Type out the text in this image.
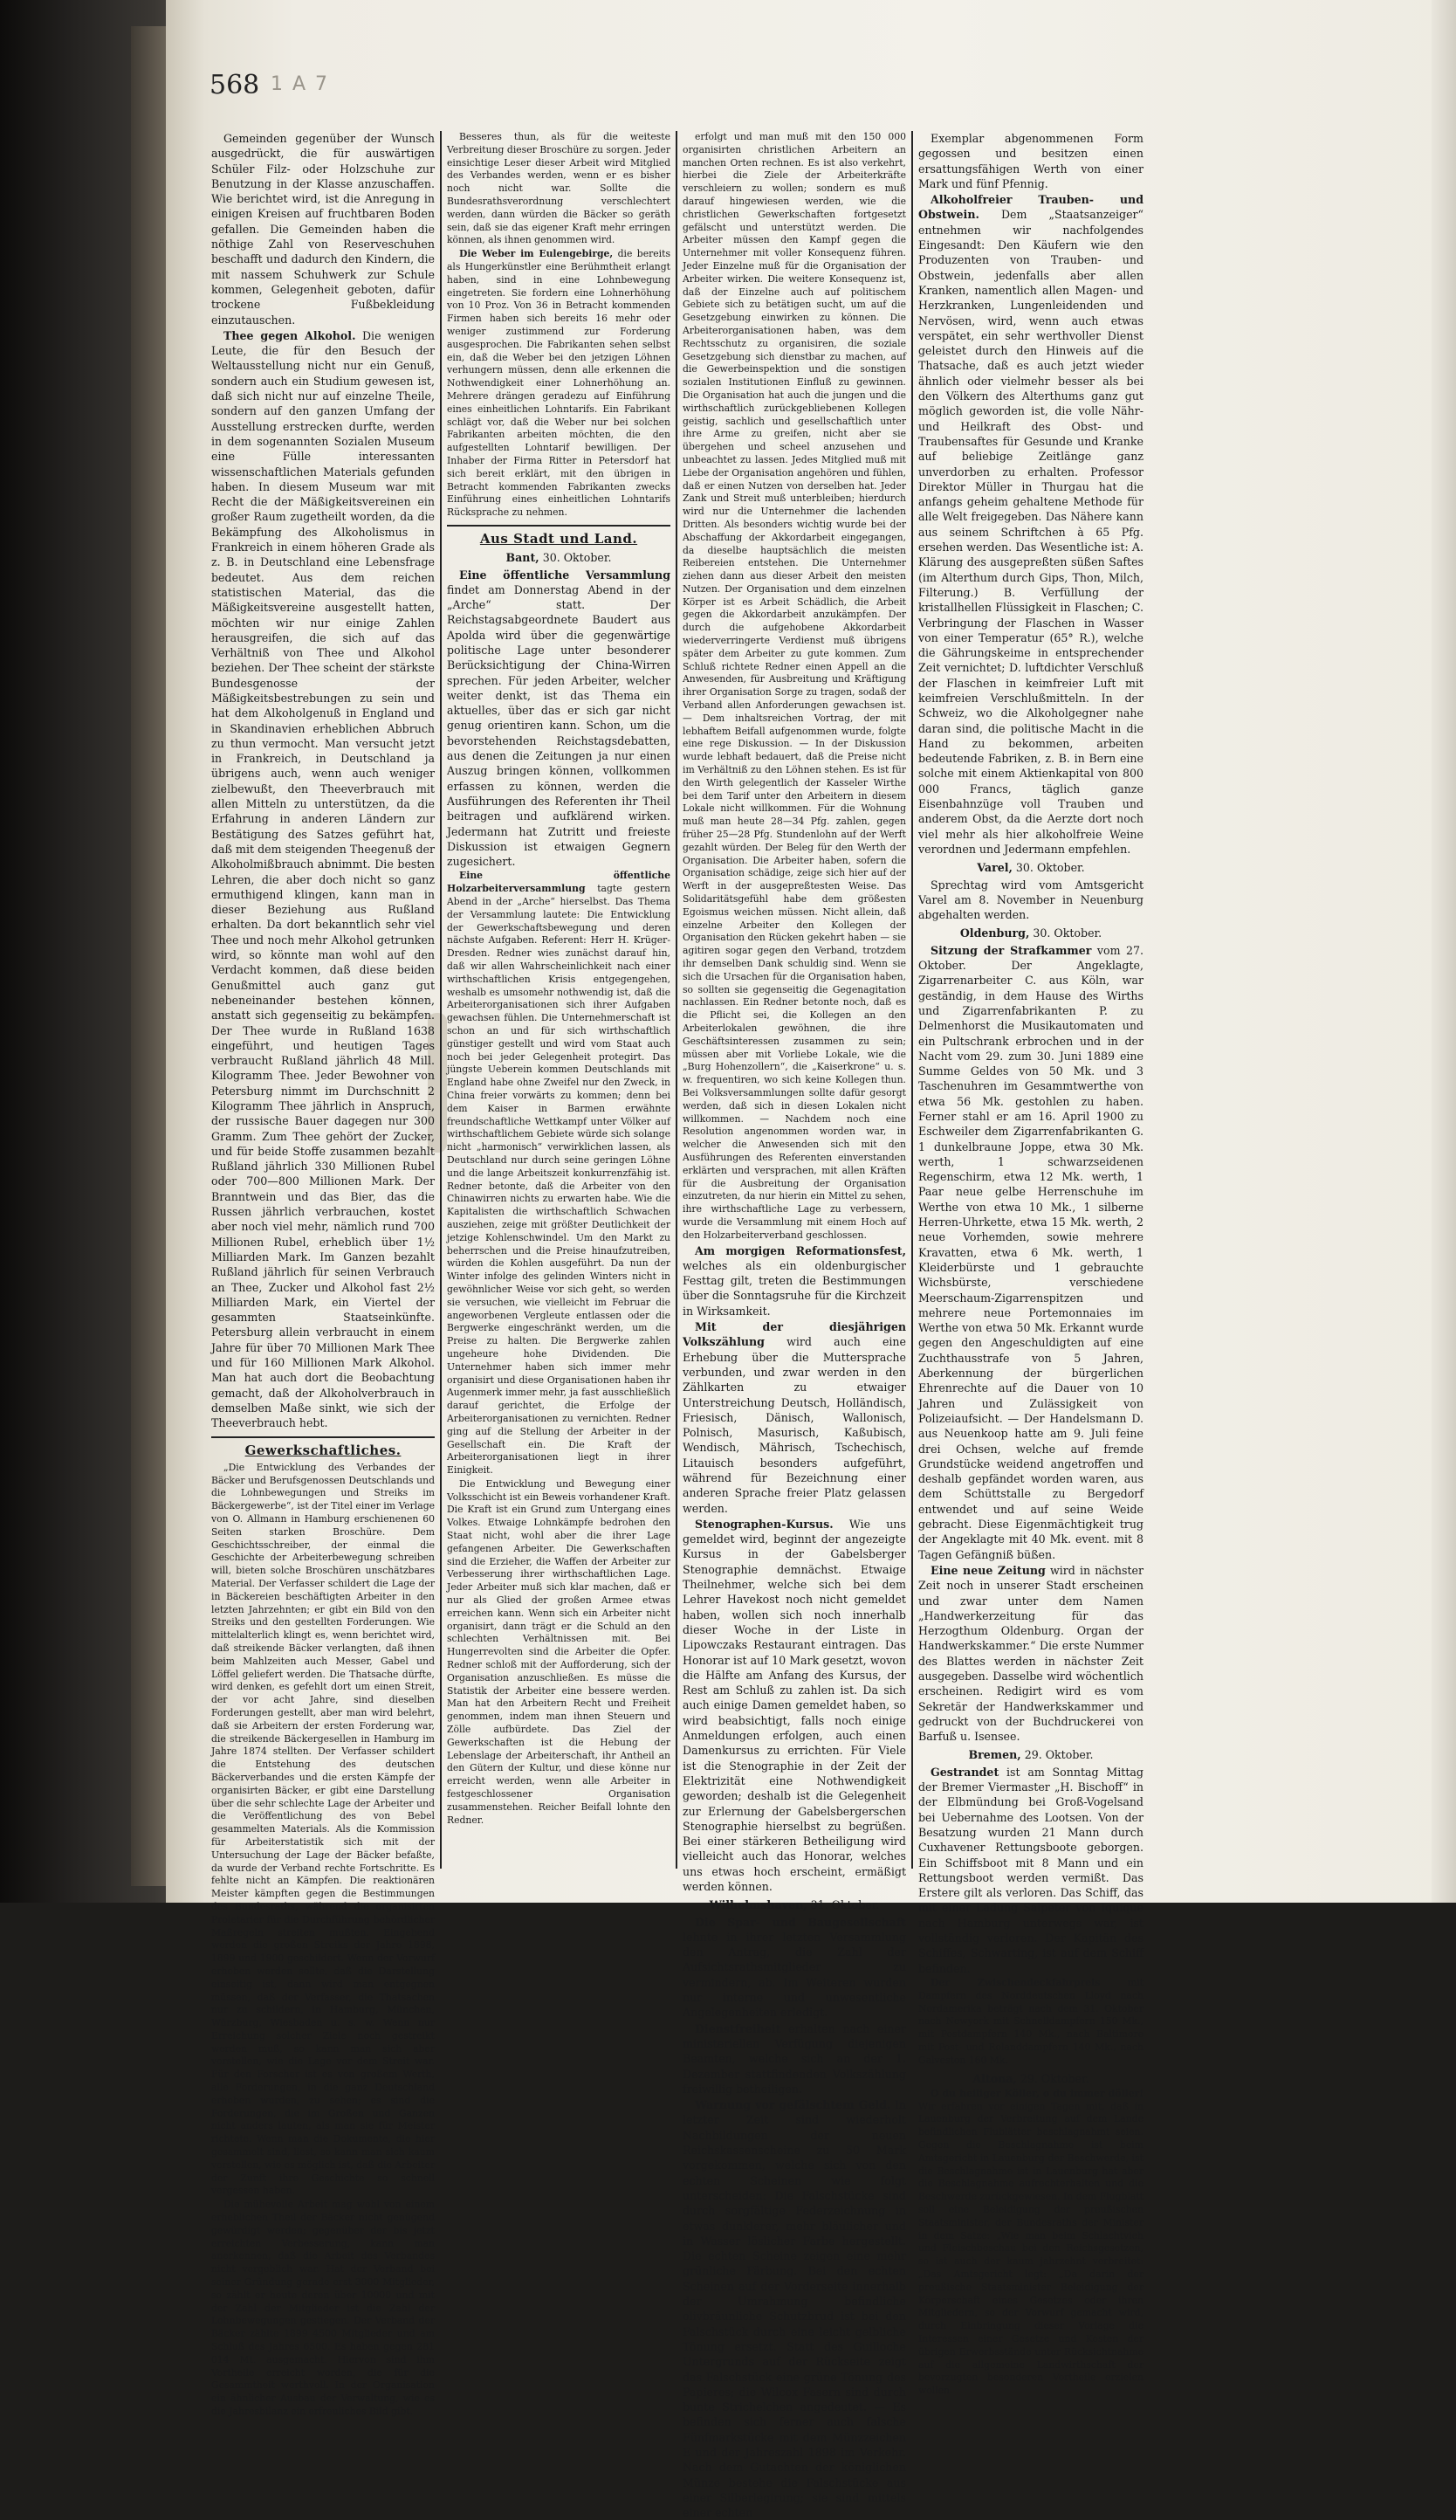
568 1 A 7

Gemeinden gegenüber der Wunsch ausgedrückt, die für auswärtigen Schüler Filz- oder Holzschuhe zur Benutzung in der Klasse anzuschaffen. Wie berichtet wird, ist die Anregung in einigen Kreisen auf fruchtbaren Boden gefallen. Die Gemeinden haben die nöthige Zahl von Reserveschuhen beschafft und dadurch den Kindern, die mit nassem Schuhwerk zur Schule kommen, Gelegenheit geboten, dafür trockene Fußbekleidung einzutauschen.

Thee gegen Alkohol. Die wenigen Leute, die für den Besuch der Weltausstellung nicht nur ein Genuß, sondern auch ein Studium gewesen ist, daß sich nicht nur auf einzelne Theile, sondern auf den ganzen Umfang der Ausstellung erstrecken durfte, werden in dem sogenannten Sozialen Museum eine Fülle interessanten wissenschaftlichen Materials gefunden haben. In diesem Museum war mit Recht die der Mäßigkeitsvereinen ein großer Raum zugetheilt worden, da die Bekämpfung des Alkoholismus in Frankreich in einem höheren Grade als z. B. in Deutschland eine Lebensfrage bedeutet. Aus dem reichen statistischen Material, das die Mäßigkeitsvereine ausgestellt hatten, möchten wir nur einige Zahlen herausgreifen, die sich auf das Verhältniß von Thee und Alkohol beziehen. Der Thee scheint der stärkste Bundesgenosse der Mäßigkeitsbestrebungen zu sein und hat dem Alkoholgenuß in England und in Skandinavien erheblichen Abbruch zu thun vermocht. Man versucht jetzt in Frankreich, in Deutschland ja übrigens auch, wenn auch weniger zielbewußt, den Theeverbrauch mit allen Mitteln zu unterstützen, da die Erfahrung in anderen Ländern zur Bestätigung des Satzes geführt hat, daß mit dem steigenden Theegenuß der Alkoholmißbrauch abnimmt. Die besten Lehren, die aber doch nicht so ganz ermuthigend klingen, kann man in dieser Beziehung aus Rußland erhalten. Da dort bekanntlich sehr viel Thee und noch mehr Alkohol getrunken wird, so könnte man wohl auf den Verdacht kommen, daß diese beiden Genußmittel auch ganz gut nebeneinander bestehen können, anstatt sich gegenseitig zu bekämpfen. Der Thee wurde in Rußland 1638 eingeführt, und heutigen Tages verbraucht Rußland jährlich 48 Mill. Kilogramm Thee. Jeder Bewohner von Petersburg nimmt im Durchschnitt 2 Kilogramm Thee jährlich in Anspruch, der russische Bauer dagegen nur 300 Gramm. Zum Thee gehört der Zucker, und für beide Stoffe zusammen bezahlt Rußland jährlich 330 Millionen Rubel oder 700—800 Millionen Mark. Der Branntwein und das Bier, das die Russen jährlich verbrauchen, kostet aber noch viel mehr, nämlich rund 700 Millionen Rubel, erheblich über 1½ Milliarden Mark. Im Ganzen bezahlt Rußland jährlich für seinen Verbrauch an Thee, Zucker und Alkohol fast 2½ Milliarden Mark, ein Viertel der gesammten Staatseinkünfte. Petersburg allein verbraucht in einem Jahre für über 70 Millionen Mark Thee und für 160 Millionen Mark Alkohol. Man hat auch dort die Beobachtung gemacht, daß der Alkoholverbrauch in demselben Maße sinkt, wie sich der Theeverbrauch hebt.

Gewerkschaftliches.

„Die Entwicklung des Verbandes der Bäcker und Berufsgenossen Deutschlands und die Lohnbewegungen und Streiks im Bäckergewerbe“, ist der Titel einer im Verlage von O. Allmann in Hamburg erschienenen 60 Seiten starken Broschüre. Dem Geschichtsschreiber, der einmal die Geschichte der Arbeiterbewegung schreiben will, bieten solche Broschüren unschätzbares Material. Der Verfasser schildert die Lage der in Bäckereien beschäftigten Arbeiter in den letzten Jahrzehnten; er gibt ein Bild von den Streiks und den gestellten Forderungen. Wie mittelalterlich klingt es, wenn berichtet wird, daß streikende Bäcker verlangten, daß ihnen beim Mahlzeiten auch Messer, Gabel und Löffel geliefert werden. Die Thatsache dürfte, wird denken, es gefehlt dort um einen Streit, der vor acht Jahre, sind dieselben Forderungen gestellt, aber man wird belehrt, daß sie Arbeitern der ersten Forderung war, die streikende Bäckergesellen in Hamburg im Jahre 1874 stellten. Der Verfasser schildert die Entstehung des deutschen Bäckerverbandes und die ersten Kämpfe der organisirten Bäcker, er gibt eine Darstellung über die sehr schlechte Lage der Arbeiter und die Veröffentlichung des von Bebel gesammelten Materials. Als die Kommission für Arbeiterstatistik sich mit der Untersuchung der Lage der Bäcker befaßte, da wurde der Verband rechte Fortschritte. Es fehlte nicht an Kämpfen. Die reaktionären Meister kämpften gegen die Bestimmungen des Bundesraths, während die organisirten Proletarier für die Durchführung behördlicher Maßregeln streiten mußten. Eingehend werden die großen Streiks der Jahre 1898, 1899 und 1900 geschildert. Wenn der Vorwurf erhoben werden sollte, daß die Darstellung einseitig ist, dann wird man entgegnen müssen, daß der Verfasser, die Thatsachen nur zu schildern, in Hamburg, München, Würzburg, Wiesbaden u. s. w. Wenn nur Erreichung solcher Ziele noch gestreikt werden muß, so kann man sich aber vorstellen, wie die Lage vor dem Streit war. Für den Forscher ist es von großem Werth, alle Forderungen, in die ganz Deutschland erhoben wurden, zu sehen; es sind die Forderungen, die im Großen und Ganzen nicht anders lauten, als man sie für Meister richtete. Wenn man die Dokumente, die hier gesammelt sind, liest, so kann man sich kaum vorstellen, wie es möglich ist, daß die Arbeiter der Zunft ihre Geschichte so schnell vergessen haben.

Die mühevolle Arbeit mag wohl von einem erheblichen Theil der Bäcker nicht genügend gewürdigt werden; gegenüber der bis jetzt erreichten Verbesserung, kann man anerkennen, daß die Arbeit des Verbandes nicht vergeblich war. Hat der Verband bei seiner Gründung gerade erst 3000 Mitglieder, so zählt er heute deren über 10000 und mit der Zahl der Mitglieder ist die Zahl der Lohnbewegungen gestiegen. Der Verband der Bäcker zählte 1899 4500 Mitglieder und am Schluß des Jahres 6500. Es haben gegen 281 014 Mt. ausgemacht. Hiervon sind ihm Vortheile erreicht worden, die für die Gesammtheit werthvoll. In der Organisation ein ähnlicher Ausbau der Verwaltung, wie es die Jahresbilanz ein erfreuliches Bild gibt.

Besseres thun, als für die weiteste Verbreitung dieser Broschüre zu sorgen. Jeder einsichtige Leser dieser Arbeit wird Mitglied des Verbandes werden, wenn er es bisher noch nicht war. Sollte die Bundesrathsverordnung verschlechtert werden, dann würden die Bäcker so geräth sein, daß sie das eigener Kraft mehr erringen können, als ihnen genommen wird.

Die Weber im Eulengebirge, die bereits als Hungerkünstler eine Berühmtheit erlangt haben, sind in eine Lohnbewegung eingetreten. Sie fordern eine Lohnerhöhung von 10 Proz. Von 36 in Betracht kommenden Firmen haben sich bereits 16 mehr oder weniger zustimmend zur Forderung ausgesprochen. Die Fabrikanten sehen selbst ein, daß die Weber bei den jetzigen Löhnen verhungern müssen, denn alle erkennen die Nothwendigkeit einer Lohnerhöhung an. Mehrere drängen geradezu auf Einführung eines einheitlichen Lohntarifs. Ein Fabrikant schlägt vor, daß die Weber nur bei solchen Fabrikanten arbeiten möchten, die den aufgestellten Lohntarif bewilligen. Der Inhaber der Firma Ritter in Petersdorf hat sich bereit erklärt, mit den übrigen in Betracht kommenden Fabrikanten zwecks Einführung eines einheitlichen Lohntarifs Rücksprache zu nehmen.

Aus Stadt und Land.
Bant, 30. Oktober.

Eine öffentliche Versammlung findet am Donnerstag Abend in der „Arche“ statt. Der Reichstagsabgeordnete Baudert aus Apolda wird über die gegenwärtige politische Lage unter besonderer Berücksichtigung der China-Wirren sprechen. Für jeden Arbeiter, welcher weiter denkt, ist das Thema ein aktuelles, über das er sich gar nicht genug orientiren kann. Schon, um die bevorstehenden Reichstagsdebatten, aus denen die Zeitungen ja nur einen Auszug bringen können, vollkommen erfassen zu können, werden die Ausführungen des Referenten ihr Theil beitragen und aufklärend wirken. Jedermann hat Zutritt und freieste Diskussion ist etwaigen Gegnern zugesichert.

Eine öffentliche Holzarbeiterversammlung tagte gestern Abend in der „Arche“ hierselbst. Das Thema der Versammlung lautete: Die Entwicklung der Gewerkschaftsbewegung und deren nächste Aufgaben. Referent: Herr H. Krüger-Dresden. Redner wies zunächst darauf hin, daß wir allen Wahrscheinlichkeit nach einer wirthschaftlichen Krisis entgegengehen, weshalb es umsomehr nothwendig ist, daß die Arbeiterorganisationen sich ihrer Aufgaben gewachsen fühlen. Die Unternehmerschaft ist schon an und für sich wirthschaftlich günstiger gestellt und wird vom Staat auch noch bei jeder Gelegenheit protegirt. Das jüngste Ueberein kommen Deutschlands mit England habe ohne Zweifel nur den Zweck, in China freier vorwärts zu kommen; denn bei dem Kaiser in Barmen erwähnte freundschaftliche Wettkampf unter Völker auf wirthschaftlichem Gebiete würde sich solange nicht „harmonisch“ verwirklichen lassen, als Deutschland nur durch seine geringen Löhne und die lange Arbeitszeit konkurrenzfähig ist. Redner betonte, daß die Arbeiter von den Chinawirren nichts zu erwarten habe. Wie die Kapitalisten die wirthschaftlich Schwachen ausziehen, zeige mit größter Deutlichkeit der jetzige Kohlenschwindel. Um den Markt zu beherrschen und die Preise hinaufzutreiben, würden die Kohlen ausgeführt. Da nun der Winter infolge des gelinden Winters nicht in gewöhnlicher Weise vor sich geht, so werden sie versuchen, wie vielleicht im Februar die angeworbenen Vergleute entlassen oder die Bergwerke eingeschränkt werden, um die Preise zu halten. Die Bergwerke zahlen ungeheure hohe Dividenden. Die Unternehmer haben sich immer mehr organisirt und diese Organisationen haben ihr Augenmerk immer mehr, ja fast ausschließlich darauf gerichtet, die Erfolge der Arbeiterorganisationen zu vernichten. Redner ging auf die Stellung der Arbeiter in der Gesellschaft ein. Die Kraft der Arbeiterorganisationen liegt in ihrer Einigkeit.

Die Entwicklung und Bewegung einer Volksschicht ist ein Beweis vorhandener Kraft. Die Kraft ist ein Grund zum Untergang eines Volkes. Etwaige Lohnkämpfe bedrohen den Staat nicht, wohl aber die ihrer Lage gefangenen Arbeiter. Die Gewerkschaften sind die Erzieher, die Waffen der Arbeiter zur Verbesserung ihrer wirthschaftlichen Lage. Jeder Arbeiter muß sich klar machen, daß er nur als Glied der großen Armee etwas erreichen kann. Wenn sich ein Arbeiter nicht organisirt, dann trägt er die Schuld an den schlechten Verhältnissen mit. Bei Hungerrevolten sind die Arbeiter die Opfer. Redner schloß mit der Aufforderung, sich der Organisation anzuschließen. Es müsse die Statistik der Arbeiter eine bessere werden. Man hat den Arbeitern Recht und Freiheit genommen, indem man ihnen Steuern und Zölle aufbürdete. Das Ziel der Gewerkschaften ist die Hebung der Lebenslage der Arbeiterschaft, ihr Antheil an den Gütern der Kultur, und diese könne nur erreicht werden, wenn alle Arbeiter in festgeschlossener Organisation zusammenstehen. Reicher Beifall lohnte den Redner.

erfolgt und man muß mit den 150 000 organisirten christlichen Arbeitern an manchen Orten rechnen. Es ist also verkehrt, hierbei die Ziele der Arbeiterkräfte verschleiern zu wollen; sondern es muß darauf hingewiesen werden, wie die christlichen Gewerkschaften fortgesetzt gefälscht und unterstützt werden. Die Arbeiter müssen den Kampf gegen die Unternehmer mit voller Konsequenz führen. Jeder Einzelne muß für die Organisation der Arbeiter wirken. Die weitere Konsequenz ist, daß der Einzelne auch auf politischem Gebiete sich zu betätigen sucht, um auf die Gesetzgebung einwirken zu können. Die Arbeiterorganisationen haben, was dem Rechtsschutz zu organisiren, die soziale Gesetzgebung sich dienstbar zu machen, auf die Gewerbeinspektion und die sonstigen sozialen Institutionen Einfluß zu gewinnen. Die Organisation hat auch die jungen und die wirthschaftlich zurückgebliebenen Kollegen geistig, sachlich und gesellschaftlich unter ihre Arme zu greifen, nicht aber sie übergehen und scheel anzusehen und unbeachtet zu lassen. Jedes Mitglied muß mit Liebe der Organisation angehören und fühlen, daß er einen Nutzen von derselben hat. Jeder Zank und Streit muß unterbleiben; hierdurch wird nur die Unternehmer die lachenden Dritten. Als besonders wichtig wurde bei der Abschaffung der Akkordarbeit eingegangen, da dieselbe hauptsächlich die meisten Reibereien entstehen. Die Unternehmer ziehen dann aus dieser Arbeit den meisten Nutzen. Der Organisation und dem einzelnen Körper ist es Arbeit Schädlich, die Arbeit gegen die Akkordarbeit anzukämpfen. Der durch die aufgehobene Akkordarbeit wiederverringerte Verdienst muß übrigens später dem Arbeiter zu gute kommen. Zum Schluß richtete Redner einen Appell an die Anwesenden, für Ausbreitung und Kräftigung ihrer Organisation Sorge zu tragen, sodaß der Verband allen Anforderungen gewachsen ist. — Dem inhaltsreichen Vortrag, der mit lebhaftem Beifall aufgenommen wurde, folgte eine rege Diskussion. — In der Diskussion wurde lebhaft bedauert, daß die Preise nicht im Verhältniß zu den Löhnen stehen. Es ist für den Wirth gelegentlich der Kasseler Wirthe bei dem Tarif unter den Arbeitern in diesem Lokale nicht willkommen. Für die Wohnung muß man heute 28—34 Pfg. zahlen, gegen früher 25—28 Pfg. Stundenlohn auf der Werft gezahlt würden. Der Beleg für den Werth der Organisation. Die Arbeiter haben, sofern die Organisation schädige, zeige sich hier auf der Werft in der ausgepreßtesten Weise. Das Solidaritätsgefühl habe dem größesten Egoismus weichen müssen. Nicht allein, daß einzelne Arbeiter den Kollegen der Organisation den Rücken gekehrt haben — sie agitiren sogar gegen den Verband, trotzdem ihr demselben Dank schuldig sind. Wenn sie sich die Ursachen für die Organisation haben, so sollten sie gegenseitig die Gegenagitation nachlassen. Ein Redner betonte noch, daß es die Pflicht sei, die Kollegen an den Arbeiterlokalen gewöhnen, die ihre Geschäftsinteressen zusammen zu sein; müssen aber mit Vorliebe Lokale, wie die „Burg Hohenzollern“, die „Kaiserkrone“ u. s. w. frequentiren, wo sich keine Kollegen thun. Bei Volksversammlungen sollte dafür gesorgt werden, daß sich in diesen Lokalen nicht willkommen. — Nachdem noch eine Resolution angenommen worden war, in welcher die Anwesenden sich mit den Ausführungen des Referenten einverstanden erklärten und versprachen, mit allen Kräften für die Ausbreitung der Organisation einzutreten, da nur hierin ein Mittel zu sehen, ihre wirthschaftliche Lage zu verbessern, wurde die Versammlung mit einem Hoch auf den Holzarbeiterverband geschlossen.

Am morgigen Reformationsfest, welches als ein oldenburgischer Festtag gilt, treten die Bestimmungen über die Sonntagsruhe für die Kirchzeit in Wirksamkeit.

Mit der diesjährigen Volkszählung wird auch eine Erhebung über die Muttersprache verbunden, und zwar werden in den Zählkarten zu etwaiger Unterstreichung Deutsch, Holländisch, Friesisch, Dänisch, Wallonisch, Polnisch, Masurisch, Kaßubisch, Wendisch, Mährisch, Tschechisch, Litauisch besonders aufgeführt, während für Bezeichnung einer anderen Sprache freier Platz gelassen werden.

Stenographen-Kursus. Wie uns gemeldet wird, beginnt der angezeigte Kursus in der Gabelsberger Stenographie demnächst. Etwaige Theilnehmer, welche sich bei dem Lehrer Havekost noch nicht gemeldet haben, wollen sich noch innerhalb dieser Woche in der Liste in Lipowczaks Restaurant eintragen. Das Honorar ist auf 10 Mark gesetzt, wovon die Hälfte am Anfang des Kursus, der Rest am Schluß zu zahlen ist. Da sich auch einige Damen gemeldet haben, so wird beabsichtigt, falls noch einige Anmeldungen erfolgen, auch einen Damenkursus zu errichten. Für Viele ist die Stenographie in der Zeit der Elektrizität eine Nothwendigkeit geworden; deshalb ist die Gelegenheit zur Erlernung der Gabelsbergerschen Stenographie hierselbst zu begrüßen. Bei einer stärkeren Betheiligung wird vielleicht auch das Honorar, welches uns etwas hoch erscheint, ermäßigt werden können.

Wilhelmshaven, 31. Oktober.

Die Spar- und Baugesellschaft lehnte in ihrer letzten Versammlung den Antrag, die Zahl der Aufsichtsrathsmitglieder zu vermindern, ab. Im Weiteren wurden nur interne und unwesentliche Angelegenheiten erledigt.

Dienstfreiheit erhalten nach einer ministeriellen Verfügung diejenigen Beamten, welche sich an der 1. Dezember stattfindenden Volkszählung freiwillig betheiligen.

Warnung vor gefälschtem Geld. In letzter Zeit sind wiederholt Nachbildungen der neuen Reichskassenscheine zu 50 Mark vorgekommen, welche sich von den echten Scheinen wie folgt unterscheiden: Die Falschstücke sind durch sorgfältige Federzeichnung in etwas dunklerer, mehr bläulicher und in Wasser löslicher Farbe hergestellt. Die echten Scheine zeigen eine mehr grünliche Färbung. Bei den echten Scheinen auf der Vorderseite innerhalb der Umrahmung befindliche olivbräunliche Schutzbrud ist bei den Falschstück durch eine leicht gelbliche Tönung ersetzt. Statt des Guilloche Untergrunds auf der Rückseite zeigt das Falschstück eine grüne Tönung des Papieres; die Wilcox Fasern sind durch bunte Strichelchen angedeutet. — Es befinden sich ferner auch falsche Fünfmarkstücke mit dem Münzzeichen E und der Jahreszahl 1898 im Verkehr. Nach dem Gutachten der königlichen Münze bestehe die Falschstücke aus einer Silberlegirung; sie sind mittels einer echten

Exemplar abgenommenen Form gegossen und besitzen einen ersattungsfähigen Werth von einer Mark und fünf Pfennig.

Alkoholfreier Trauben- und Obstwein. Dem „Staatsanzeiger“ entnehmen wir nachfolgendes Eingesandt: Den Käufern wie den Produzenten von Trauben- und Obstwein, jedenfalls aber allen Kranken, namentlich allen Magen- und Herzkranken, Lungenleidenden und Nervösen, wird, wenn auch etwas verspätet, ein sehr werthvoller Dienst geleistet durch den Hinweis auf die Thatsache, daß es auch jetzt wieder ähnlich oder vielmehr besser als bei den Völkern des Alterthums ganz gut möglich geworden ist, die volle Nähr- und Heilkraft des Obst- und Traubensaftes für Gesunde und Kranke auf beliebige Zeitlänge ganz unverdorben zu erhalten. Professor Direktor Müller in Thurgau hat die anfangs geheim gehaltene Methode für alle Welt freigegeben. Das Nähere kann aus seinem Schriftchen à 65 Pfg. ersehen werden. Das Wesentliche ist: A. Klärung des ausgepreßten süßen Saftes (im Alterthum durch Gips, Thon, Milch, Filterung.) B. Verfüllung der kristallhellen Flüssigkeit in Flaschen; C. Verbringung der Flaschen in Wasser von einer Temperatur (65° R.), welche die Gährungskeime in entsprechender Zeit vernichtet; D. luftdichter Verschluß der Flaschen in keimfreier Luft mit keimfreien Verschlußmitteln. In der Schweiz, wo die Alkoholgegner nahe daran sind, die politische Macht in die Hand zu bekommen, arbeiten bedeutende Fabriken, z. B. in Bern eine solche mit einem Aktienkapital von 800 000 Francs, täglich ganze Eisenbahnzüge voll Trauben und anderem Obst, da die Aerzte dort noch viel mehr als hier alkoholfreie Weine verordnen und Jedermann empfehlen.

Varel, 30. Oktober.

Sprechtag wird vom Amtsgericht Varel am 8. November in Neuenburg abgehalten werden.

Oldenburg, 30. Oktober.

Sitzung der Strafkammer vom 27. Oktober. Der Angeklagte, Zigarrenarbeiter C. aus Köln, war geständig, in dem Hause des Wirths und Zigarrenfabrikanten P. zu Delmenhorst die Musikautomaten und ein Pultschrank erbrochen und in der Nacht vom 29. zum 30. Juni 1889 eine Summe Geldes von 50 Mk. und 3 Taschenuhren im Gesammtwerthe von etwa 56 Mk. gestohlen zu haben. Ferner stahl er am 16. April 1900 zu Eschweiler dem Zigarrenfabrikanten G. 1 dunkelbraune Joppe, etwa 30 Mk. werth, 1 schwarzseidenen Regenschirm, etwa 12 Mk. werth, 1 Paar neue gelbe Herrenschuhe im Werthe von etwa 10 Mk., 1 silberne Herren-Uhrkette, etwa 15 Mk. werth, 2 neue Vorhemden, sowie mehrere Kravatten, etwa 6 Mk. werth, 1 Kleiderbürste und 1 gebrauchte Wichsbürste, verschiedene Meerschaum-Zigarrenspitzen und mehrere neue Portemonnaies im Werthe von etwa 50 Mk. Erkannt wurde gegen den Angeschuldigten auf eine Zuchthausstrafe von 5 Jahren, Aberkennung der bürgerlichen Ehrenrechte auf die Dauer von 10 Jahren und Zulässigkeit von Polizeiaufsicht. — Der Handelsmann D. aus Neuenkoop hatte am 9. Juli feine drei Ochsen, welche auf fremde Grundstücke weidend angetroffen und deshalb gepfändet worden waren, aus dem Schüttstalle zu Bergedorf entwendet und auf seine Weide gebracht. Diese Eigenmächtigkeit trug der Angeklagte mit 40 Mk. event. mit 8 Tagen Gefängniß büßen.

Eine neue Zeitung wird in nächster Zeit noch in unserer Stadt erscheinen und zwar unter dem Namen „Handwerkerzeitung für das Herzogthum Oldenburg. Organ der Handwerkskammer.“ Die erste Nummer des Blattes werden in nächster Zeit ausgegeben. Dasselbe wird wöchentlich erscheinen. Redigirt wird es vom Sekretär der Handwerkskammer und gedruckt von der Buchdruckerei von Barfuß u. Isensee.

Bremen, 29. Oktober.

Gestrandet ist am Sonntag Mittag der Bremer Viermaster „H. Bischoff“ in der Elbmündung bei Groß-Vogelsand bei Uebernahme des Lootsen. Von der Besatzung wurden 21 Mann durch Cuxhavener Rettungsboote geborgen. Ein Schiffsboot mit 8 Mann und ein Rettungsboot werden vermißt. Das Erstere gilt als verloren. Das Schiff, das mit einer Ladung Salpeter von Iquique nach Hamburg unterwegs war, ist vollständig verloren. Der Kapitän des Schiffes, Schwarting, ist auf dem Schiff befinden.

Der Zwischendeckfahrpreis	mit Dampfern des Norddeutschen Lloyd nach Nordamerika beträgt nach dem 31. Oktober nach Newyork mit Schnelldampfern 150 Mk., mit Postdampfern 140 Mk., nach Baltimore mit Post- und Rolanddampfern 140 Mk., nach Galveston 160 Mk.

Altona, 29. Oktober.

O du heiliger Köller, o du immer döller! Wir erfahren vor einigen Tagen mit, daß in Lauenburg der Verbreitung auf dem Lande befindlichen Flublätter beschlagnahmt seien. Gegen die Beschlagnahme ist beim Amtsgericht in Lauenburg der Beschwerde, ist die Beschlagnahme ist in Lauenburg hat aber die Beschlagnahme aufrechterhalten und die Beschwerde zurückgewiesen. In dem Flugblatt soll eine Beleidigung der preußischen Staatsminister, der Bundesraths der Minister in dem Satze: „Wie man beim Schlachtvieh und Fleischbeschau bei den Reichsgesetzen, so ist auch der kaum jahrzehnt verbreitet: „Das Amtsgericht legt: „Da darin der preußische Staatsminister Beleidigung der Körperschaft eines Gesetzes oder ihren Mitgliedern, so der Vorwurf gemacht wird, durch Einbringung dieser Vorlage die Interessen einer Gesetze und Kosten der übrigen Erwerbsstände unter Rücksichtnahme auf die allgemeine Landwirthschaft der bevorzugten besonderen Vortheile erzielen wollen.
